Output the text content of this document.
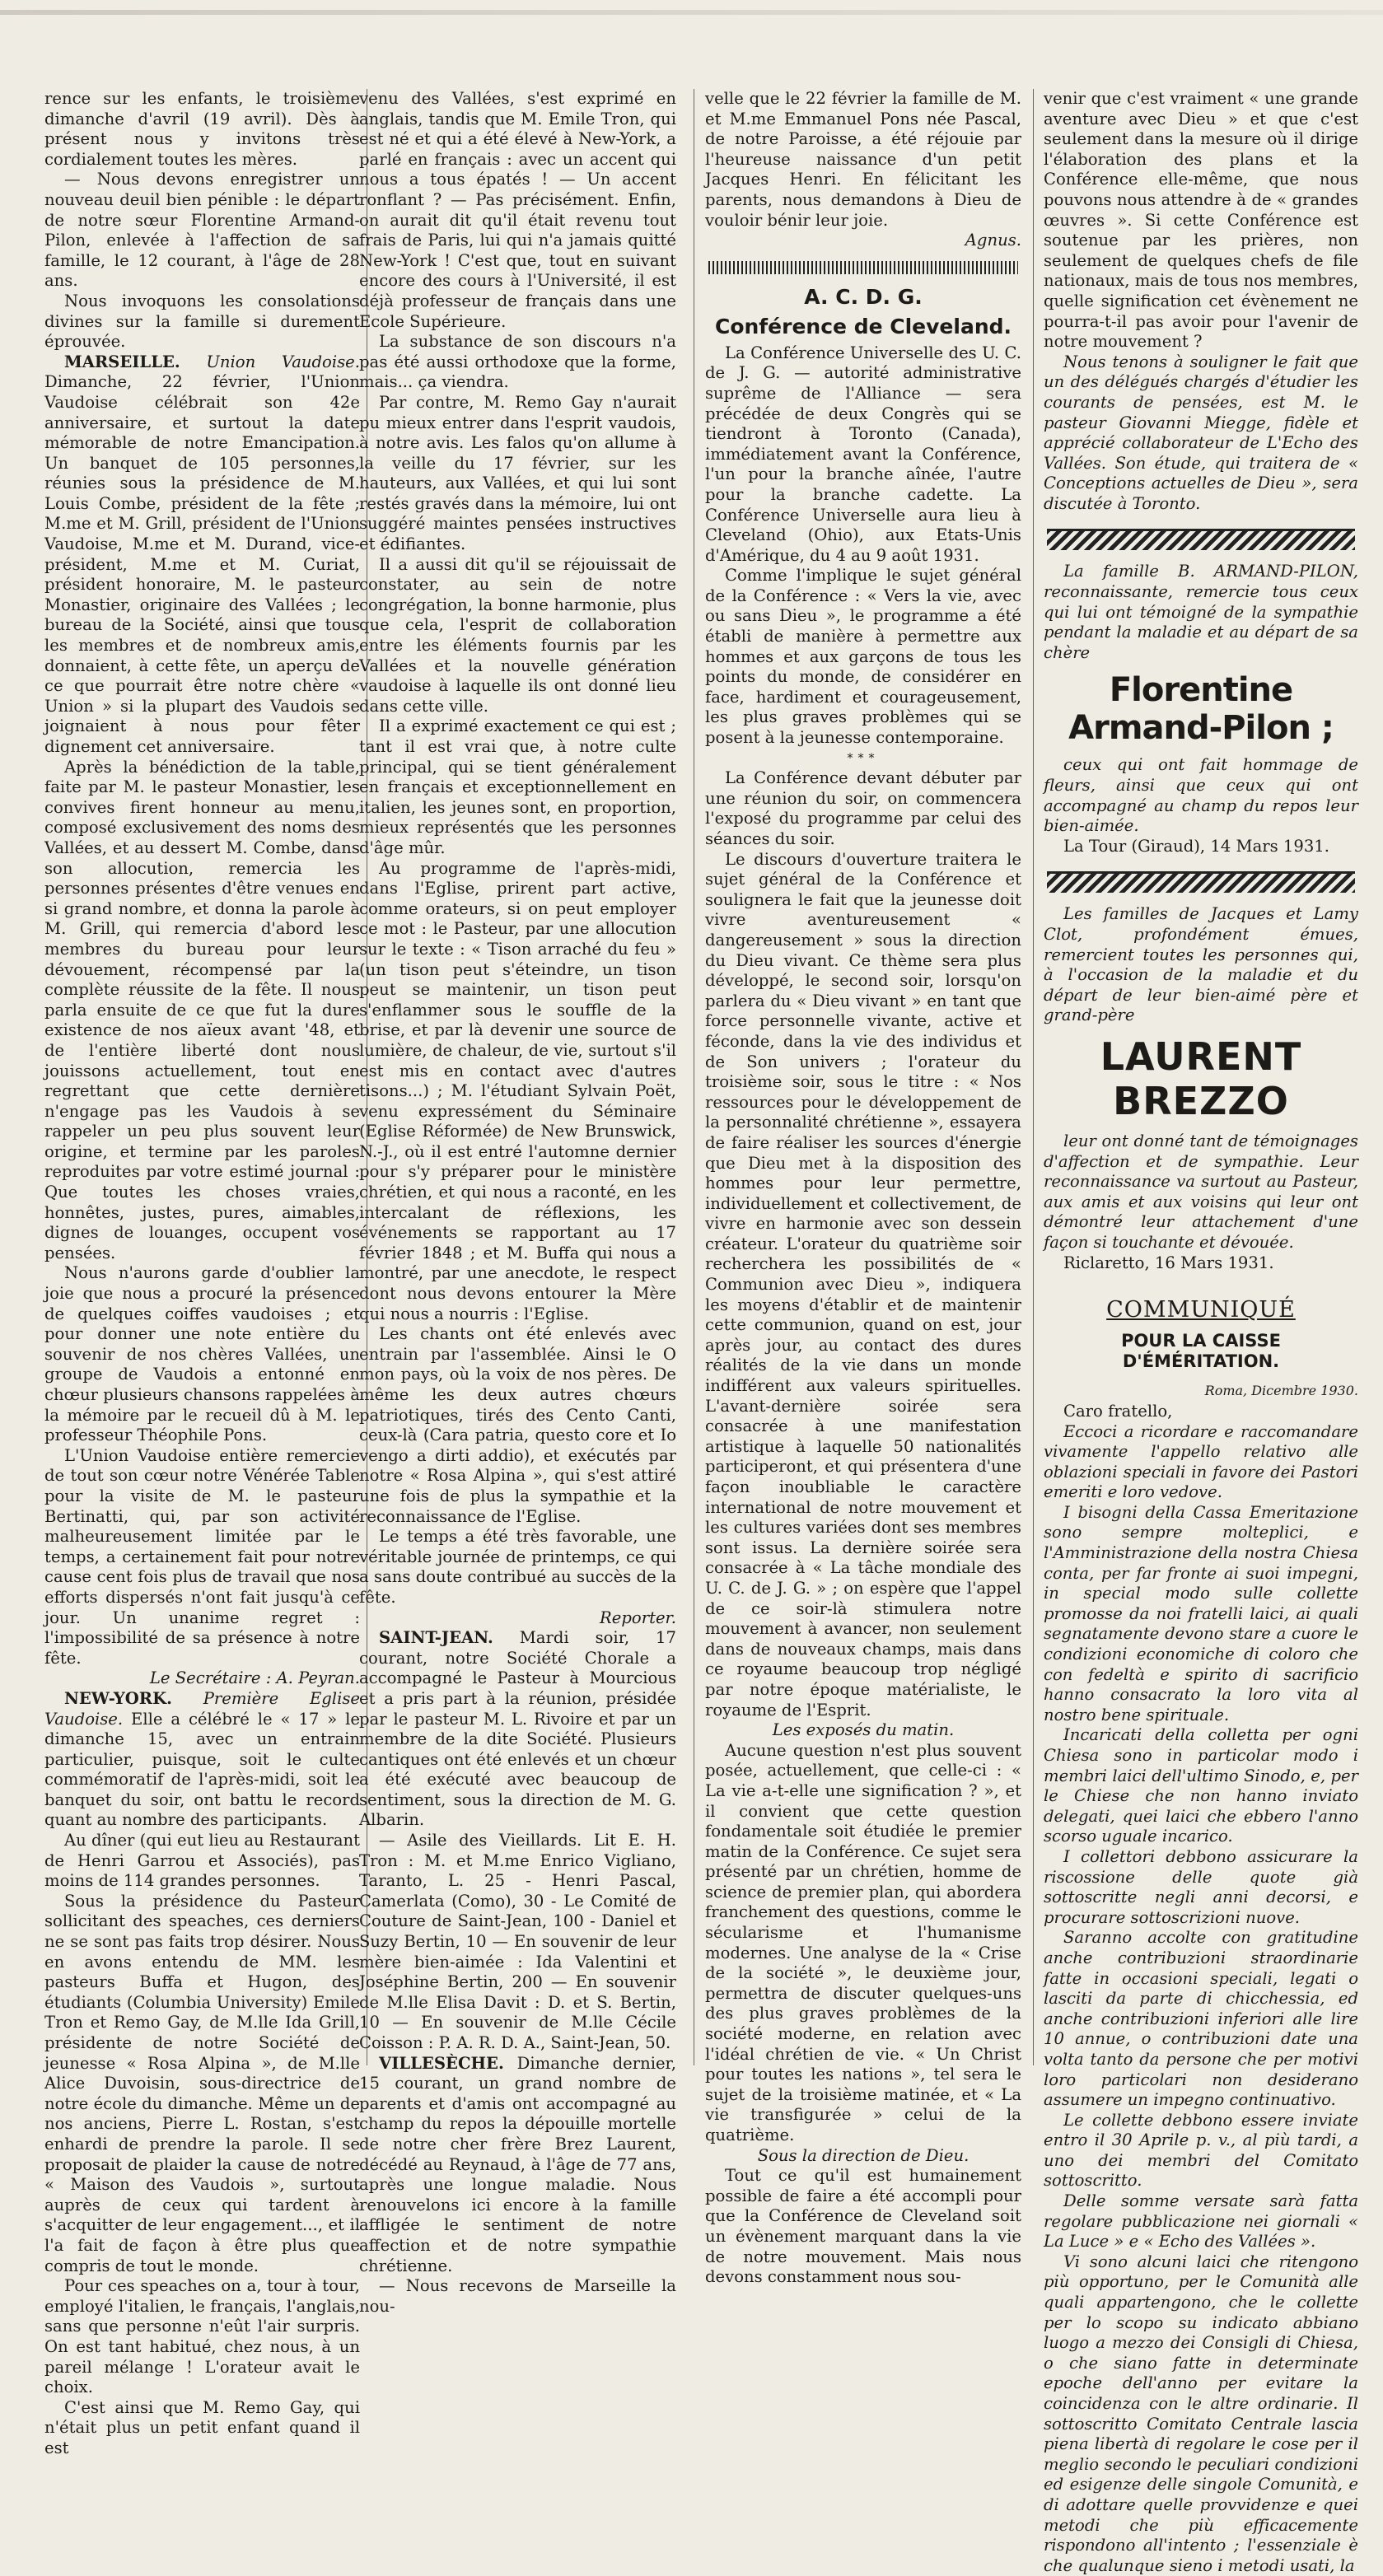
rence sur les enfants, le troisième dimanche d'avril (19 avril). Dès à présent nous y invitons très cordialement toutes les mères.

— Nous devons enregistrer un nouveau deuil bien pénible : le départ de notre sœur Florentine Armand-Pilon, enlevée à l'affection de sa famille, le 12 courant, à l'âge de 28 ans.

Nous invoquons les consolations divines sur la famille si durement éprouvée.

MARSEILLE. Union Vaudoise. Dimanche, 22 février, l'Union Vaudoise célébrait son 42e anniversaire, et surtout la date mémorable de notre Emancipation. Un banquet de 105 personnes, réunies sous la présidence de M. Louis Combe, président de la fête ; M.me et M. Grill, président de l'Union Vaudoise, M.me et M. Durand, vice-président, M.me et M. Curiat, président honoraire, M. le pasteur Monastier, originaire des Vallées ; le bureau de la Société, ainsi que tous les membres et de nombreux amis, donnaient, à cette fête, un aperçu de ce que pourrait être notre chère « Union » si la plupart des Vaudois se joignaient à nous pour fêter dignement cet anniversaire.

Après la bénédiction de la table, faite par M. le pasteur Monastier, les convives firent honneur au menu, composé exclusivement des noms des Vallées, et au dessert M. Combe, dans son allocution, remercia les personnes présentes d'être venues en si grand nombre, et donna la parole à M. Grill, qui remercia d'abord les membres du bureau pour leur dévouement, récompensé par la complète réussite de la fête. Il nous parla ensuite de ce que fut la dure existence de nos aïeux avant '48, et de l'entière liberté dont nous jouissons actuellement, tout en regrettant que cette dernière n'engage pas les Vaudois à se rappeler un peu plus souvent leur origine, et termine par les paroles reproduites par votre estimé journal : Que toutes les choses vraies, honnêtes, justes, pures, aimables, dignes de louanges, occupent vos pensées.

Nous n'aurons garde d'oublier la joie que nous a procuré la présence de quelques coiffes vaudoises ; et pour donner une note entière du souvenir de nos chères Vallées, un groupe de Vaudois a entonné en chœur plusieurs chansons rappelées à la mémoire par le recueil dû à M. le professeur Théophile Pons.

L'Union Vaudoise entière remercie de tout son cœur notre Vénérée Table pour la visite de M. le pasteur Bertinatti, qui, par son activité malheureusement limitée par le temps, a certainement fait pour notre cause cent fois plus de travail que nos efforts dispersés n'ont fait jusqu'à ce jour. Un unanime regret : l'impossibilité de sa présence à notre fête.

Le Secrétaire : A. Peyran.

NEW-YORK. Première Eglise Vaudoise. Elle a célébré le « 17 » le dimanche 15, avec un entrain particulier, puisque, soit le culte commémoratif de l'après-midi, soit le banquet du soir, ont battu le record quant au nombre des participants.

Au dîner (qui eut lieu au Restaurant de Henri Garrou et Associés), pas moins de 114 grandes personnes.

Sous la présidence du Pasteur sollicitant des speaches, ces derniers ne se sont pas faits trop désirer. Nous en avons entendu de MM. les pasteurs Buffa et Hugon, des étudiants (Columbia University) Emile Tron et Remo Gay, de M.lle Ida Grill, présidente de notre Société de jeunesse « Rosa Alpina », de M.lle Alice Duvoisin, sous-directrice de notre école du dimanche. Même un de nos anciens, Pierre L. Rostan, s'est enhardi de prendre la parole. Il se proposait de plaider la cause de notre « Maison des Vaudois », surtout auprès de ceux qui tardent à s'acquitter de leur engagement..., et il l'a fait de façon à être plus que compris de tout le monde.

Pour ces speaches on a, tour à tour, employé l'italien, le français, l'anglais, sans que personne n'eût l'air surpris. On est tant habitué, chez nous, à un pareil mélange ! L'orateur avait le choix.

C'est ainsi que M. Remo Gay, qui n'était plus un petit enfant quand il est

venu des Vallées, s'est exprimé en anglais, tandis que M. Emile Tron, qui est né et qui a été élevé à New-York, a parlé en français : avec un accent qui nous a tous épatés ! — Un accent ronflant ? — Pas précisément. Enfin, on aurait dit qu'il était revenu tout frais de Paris, lui qui n'a jamais quitté New-York ! C'est que, tout en suivant encore des cours à l'Université, il est déjà professeur de français dans une Ecole Supérieure.

La substance de son discours n'a pas été aussi orthodoxe que la forme, mais... ça viendra.

Par contre, M. Remo Gay n'aurait pu mieux entrer dans l'esprit vaudois, à notre avis. Les falos qu'on allume à la veille du 17 février, sur les hauteurs, aux Vallées, et qui lui sont restés gravés dans la mémoire, lui ont suggéré maintes pensées instructives et édifiantes.

Il a aussi dit qu'il se réjouissait de constater, au sein de notre congrégation, la bonne harmonie, plus que cela, l'esprit de collaboration entre les éléments fournis par les Vallées et la nouvelle génération vaudoise à laquelle ils ont donné lieu dans cette ville.

Il a exprimé exactement ce qui est ; tant il est vrai que, à notre culte principal, qui se tient généralement en français et exceptionnellement en italien, les jeunes sont, en proportion, mieux représentés que les personnes d'âge mûr.

Au programme de l'après-midi, dans l'Eglise, prirent part active, comme orateurs, si on peut employer ce mot : le Pasteur, par une allocution sur le texte : « Tison arraché du feu » (un tison peut s'éteindre, un tison peut se maintenir, un tison peut s'enflammer sous le souffle de la brise, et par là devenir une source de lumière, de chaleur, de vie, surtout s'il est mis en contact avec d'autres tisons...) ; M. l'étudiant Sylvain Poët, venu expressément du Séminaire (Eglise Réformée) de New Brunswick, N.-J., où il est entré l'automne dernier pour s'y préparer pour le ministère chrétien, et qui nous a raconté, en les intercalant de réflexions, les événements se rapportant au 17 février 1848 ; et M. Buffa qui nous a montré, par une anecdote, le respect dont nous devons entourer la Mère qui nous a nourris : l'Eglise.

Les chants ont été enlevés avec entrain par l'assemblée. Ainsi le O mon pays, où la voix de nos pères. De même les deux autres chœurs patriotiques, tirés des Cento Canti, ceux-là (Cara patria, questo core et Io vengo a dirti addio), et exécutés par notre « Rosa Alpina », qui s'est attiré une fois de plus la sympathie et la reconnaissance de l'Eglise.

Le temps a été très favorable, une véritable journée de printemps, ce qui a sans doute contribué au succès de la fête.

Reporter.

SAINT-JEAN. Mardi soir, 17 courant, notre Société Chorale a accompagné le Pasteur à Mourcious et a pris part à la réunion, présidée par le pasteur M. L. Rivoire et par un membre de la dite Société. Plusieurs cantiques ont été enlevés et un chœur a été exécuté avec beaucoup de sentiment, sous la direction de M. G. Albarin.

— Asile des Vieillards. Lit E. H. Tron : M. et M.me Enrico Vigliano, Taranto, L. 25 - Henri Pascal, Camerlata (Como), 30 - Le Comité de Couture de Saint-Jean, 100 - Daniel et Suzy Bertin, 10 — En souvenir de leur mère bien-aimée : Ida Valentini et Joséphine Bertin, 200 — En souvenir de M.lle Elisa Davit : D. et S. Bertin, 10 — En souvenir de M.lle Cécile Coisson : P. A. R. D. A., Saint-Jean, 50.

VILLESÈCHE. Dimanche dernier, 15 courant, un grand nombre de parents et d'amis ont accompagné au champ du repos la dépouille mortelle de notre cher frère Brez Laurent, décédé au Reynaud, à l'âge de 77 ans, après une longue maladie. Nous renouvelons ici encore à la famille affligée le sentiment de notre affection et de notre sympathie chrétienne.

— Nous recevons de Marseille la nou-

velle que le 22 février la famille de M. et M.me Emmanuel Pons née Pascal, de notre Paroisse, a été réjouie par l'heureuse naissance d'un petit Jacques Henri. En félicitant les parents, nous demandons à Dieu de vouloir bénir leur joie.

Agnus.

A. C. D. G.
Conférence de Cleveland.

La Conférence Universelle des U. C. de J. G. — autorité administrative suprême de l'Alliance — sera précédée de deux Congrès qui se tiendront à Toronto (Canada), immédiatement avant la Conférence, l'un pour la branche aînée, l'autre pour la branche cadette. La Conférence Universelle aura lieu à Cleveland (Ohio), aux Etats-Unis d'Amérique, du 4 au 9 août 1931.

Comme l'implique le sujet général de la Conférence : « Vers la vie, avec ou sans Dieu », le programme a été établi de manière à permettre aux hommes et aux garçons de tous les points du monde, de considérer en face, hardiment et courageusement, les plus graves problèmes qui se posent à la jeunesse contemporaine.

***

La Conférence devant débuter par une réunion du soir, on commencera l'exposé du programme par celui des séances du soir.

Le discours d'ouverture traitera le sujet général de la Conférence et soulignera le fait que la jeunesse doit vivre aventureusement « dangereusement » sous la direction du Dieu vivant. Ce thème sera plus développé, le second soir, lorsqu'on parlera du « Dieu vivant » en tant que force personnelle vivante, active et féconde, dans la vie des individus et de Son univers ; l'orateur du troisième soir, sous le titre : « Nos ressources pour le développement de la personnalité chrétienne », essayera de faire réaliser les sources d'énergie que Dieu met à la disposition des hommes pour leur permettre, individuellement et collectivement, de vivre en harmonie avec son dessein créateur. L'orateur du quatrième soir recherchera les possibilités de « Communion avec Dieu », indiquera les moyens d'établir et de maintenir cette communion, quand on est, jour après jour, au contact des dures réalités de la vie dans un monde indifférent aux valeurs spirituelles. L'avant-dernière soirée sera consacrée à une manifestation artistique à laquelle 50 nationalités participeront, et qui présentera d'une façon inoubliable le caractère international de notre mouvement et les cultures variées dont ses membres sont issus. La dernière soirée sera consacrée à « La tâche mondiale des U. C. de J. G. » ; on espère que l'appel de ce soir-là stimulera notre mouvement à avancer, non seulement dans de nouveaux champs, mais dans ce royaume beaucoup trop négligé par notre époque matérialiste, le royaume de l'Esprit.

Les exposés du matin.

Aucune question n'est plus souvent posée, actuellement, que celle-ci : « La vie a-t-elle une signification ? », et il convient que cette question fondamentale soit étudiée le premier matin de la Conférence. Ce sujet sera présenté par un chrétien, homme de science de premier plan, qui abordera franchement des questions, comme le sécularisme et l'humanisme modernes. Une analyse de la « Crise de la société », le deuxième jour, permettra de discuter quelques-uns des plus graves problèmes de la société moderne, en relation avec l'idéal chrétien de vie. « Un Christ pour toutes les nations », tel sera le sujet de la troisième matinée, et « La vie transfigurée » celui de la quatrième.

Sous la direction de Dieu.

Tout ce qu'il est humainement possible de faire a été accompli pour que la Conférence de Cleveland soit un évènement marquant dans la vie de notre mouvement. Mais nous devons constamment nous sou-

venir que c'est vraiment « une grande aventure avec Dieu » et que c'est seulement dans la mesure où il dirige l'élaboration des plans et la Conférence elle-même, que nous pouvons nous attendre à de « grandes œuvres ». Si cette Conférence est soutenue par les prières, non seulement de quelques chefs de file nationaux, mais de tous nos membres, quelle signification cet évènement ne pourra-t-il pas avoir pour l'avenir de notre mouvement ?

Nous tenons à souligner le fait que un des délégués chargés d'étudier les courants de pensées, est M. le pasteur Giovanni Miegge, fidèle et apprécié collaborateur de L'Echo des Vallées. Son étude, qui traitera de « Conceptions actuelles de Dieu », sera discutée à Toronto.

La famille B. ARMAND-PILON, reconnaissante, remercie tous ceux qui lui ont témoigné de la sympathie pendant la maladie et au départ de sa chère

Florentine Armand-Pilon ;

ceux qui ont fait hommage de fleurs, ainsi que ceux qui ont accompagné au champ du repos leur bien-aimée.

La Tour (Giraud), 14 Mars 1931.

Les familles de Jacques et Lamy Clot, profondément émues, remercient toutes les personnes qui, à l'occasion de la maladie et du départ de leur bien-aimé père et grand-père

LAURENT BREZZO

leur ont donné tant de témoignages d'affection et de sympathie. Leur reconnaissance va surtout au Pasteur, aux amis et aux voisins qui leur ont démontré leur attachement d'une façon si touchante et dévouée.

Riclaretto, 16 Mars 1931.

COMMUNIQUÉ
POUR LA CAISSE D'ÉMÉRITATION.

Roma, Dicembre 1930.

Caro fratello,

Eccoci a ricordare e raccomandare vivamente l'appello relativo alle oblazioni speciali in favore dei Pastori emeriti e loro vedove.

I bisogni della Cassa Emeritazione sono sempre molteplici, e l'Amministrazione della nostra Chiesa conta, per far fronte ai suoi impegni, in special modo sulle collette promosse da noi fratelli laici, ai quali segnatamente devono stare a cuore le condizioni economiche di coloro che con fedeltà e spirito di sacrificio hanno consacrato la loro vita al nostro bene spirituale.

Incaricati della colletta per ogni Chiesa sono in particolar modo i membri laici dell'ultimo Sinodo, e, per le Chiese che non hanno inviato delegati, quei laici che ebbero l'anno scorso uguale incarico.

I collettori debbono assicurare la riscossione delle quote già sottoscritte negli anni decorsi, e procurare sottoscrizioni nuove.

Saranno accolte con gratitudine anche contribuzioni straordinarie fatte in occasioni speciali, legati o lasciti da parte di chicchessia, ed anche contribuzioni inferiori alle lire 10 annue, o contribuzioni date una volta tanto da persone che per motivi loro particolari non desiderano assumere un impegno continuativo.

Le collette debbono essere inviate entro il 30 Aprile p. v., al più tardi, a uno dei membri del Comitato sottoscritto.

Delle somme versate sarà fatta regolare pubblicazione nei giornali « La Luce » e « Echo des Vallées ».

Vi sono alcuni laici che ritengono più opportuno, per le Comunità alle quali appartengono, che le collette per lo scopo su indicato abbiano luogo a mezzo dei Consigli di Chiesa, o che siano fatte in determinate epoche dell'anno per evitare la coincidenza con le altre ordinarie. Il sottoscritto Comitato Centrale lascia piena libertà di regolare le cose per il meglio secondo le peculiari condizioni ed esigenze delle singole Comunità, e di adottare quelle provvidenze e quei metodi che più efficacemente rispondono all'intento ; l'essenziale è che qualunque sieno i metodi usati, la
